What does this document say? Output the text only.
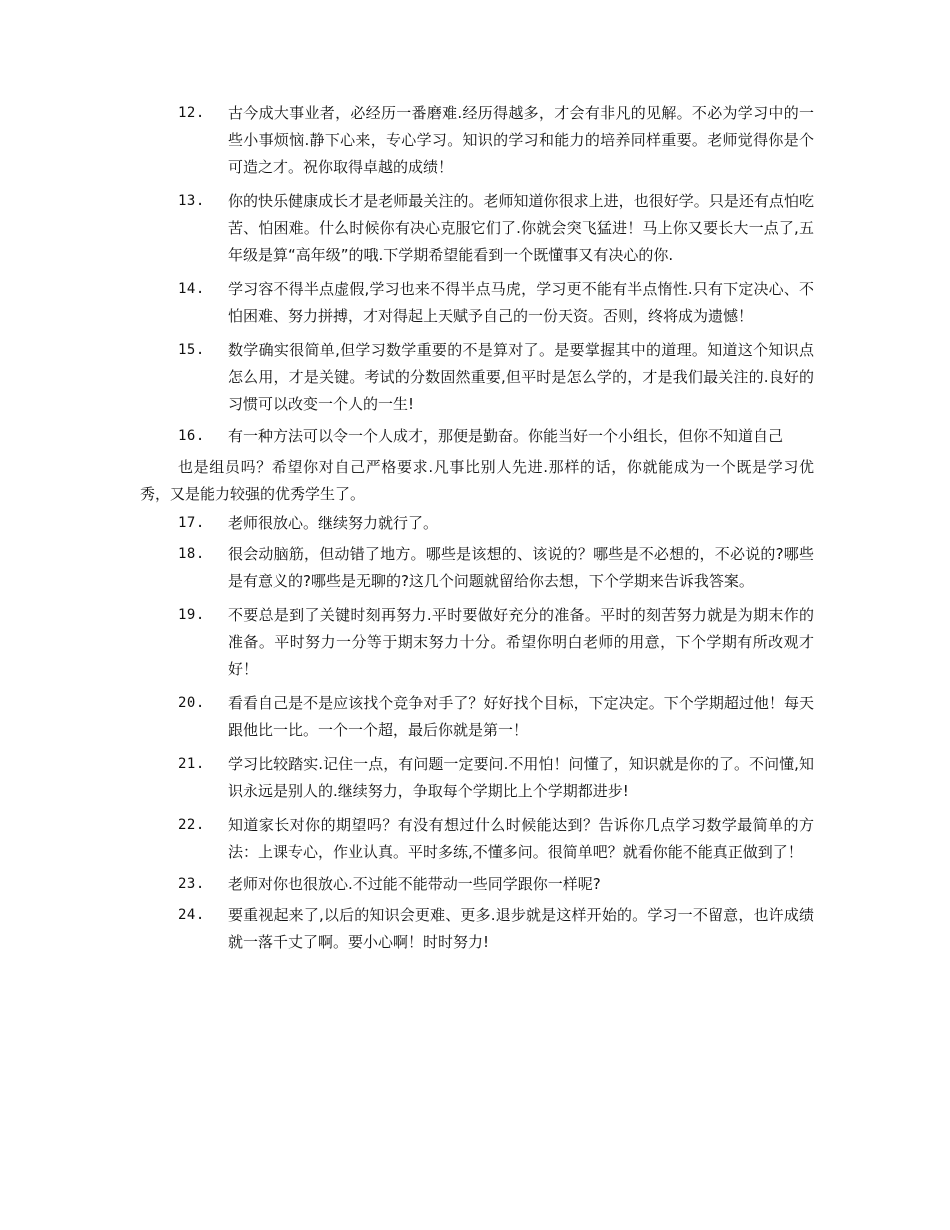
12. 古今成大事业者，必经历一番磨难.经历得越多，才会有非凡的见解。不必为学习中的一些小事烦恼.静下心来，专心学习。知识的学习和能力的培养同样重要。老师觉得你是个可造之才。祝你取得卓越的成绩！
13. 你的快乐健康成长才是老师最关注的。老师知道你很求上进，也很好学。只是还有点怕吃苦、怕困难。什么时候你有决心克服它们了.你就会突飞猛进！马上你又要长大一点了,五年级是算“高年级”的哦.下学期希望能看到一个既懂事又有决心的你.
14. 学习容不得半点虚假,学习也来不得半点马虎，学习更不能有半点惰性.只有下定决心、不怕困难、努力拼搏，才对得起上天赋予自己的一份天资。否则，终将成为遗憾！
15. 数学确实很简单,但学习数学重要的不是算对了。是要掌握其中的道理。知道这个知识点怎么用，才是关键。考试的分数固然重要,但平时是怎么学的，才是我们最关注的.良好的习惯可以改变一个人的一生!
16. 有一种方法可以令一个人成才，那便是勤奋。你能当好一个小组长，但你不知道自己
也是组员吗？希望你对自己严格要求.凡事比别人先进.那样的话，你就能成为一个既是学习优秀，又是能力较强的优秀学生了。
17. 老师很放心。继续努力就行了。
18. 很会动脑筋，但动错了地方。哪些是该想的、该说的？哪些是不必想的，不必说的?哪些是有意义的?哪些是无聊的?这几个问题就留给你去想，下个学期来告诉我答案。
19. 不要总是到了关键时刻再努力.平时要做好充分的准备。平时的刻苦努力就是为期末作的准备。平时努力一分等于期末努力十分。希望你明白老师的用意，下个学期有所改观才好！
20. 看看自己是不是应该找个竞争对手了？好好找个目标，下定决定。下个学期超过他！每天跟他比一比。一个一个超，最后你就是第一！
21. 学习比较踏实.记住一点，有问题一定要问.不用怕！问懂了，知识就是你的了。不问懂,知识永远是别人的.继续努力，争取每个学期比上个学期都进步!
22. 知道家长对你的期望吗？有没有想过什么时候能达到？告诉你几点学习数学最简单的方法：上课专心，作业认真。平时多练,不懂多问。很简单吧？就看你能不能真正做到了！
23. 老师对你也很放心.不过能不能带动一些同学跟你一样呢?
24. 要重视起来了,以后的知识会更难、更多.退步就是这样开始的。学习一不留意，也许成绩就一落千丈了啊。要小心啊！时时努力!
